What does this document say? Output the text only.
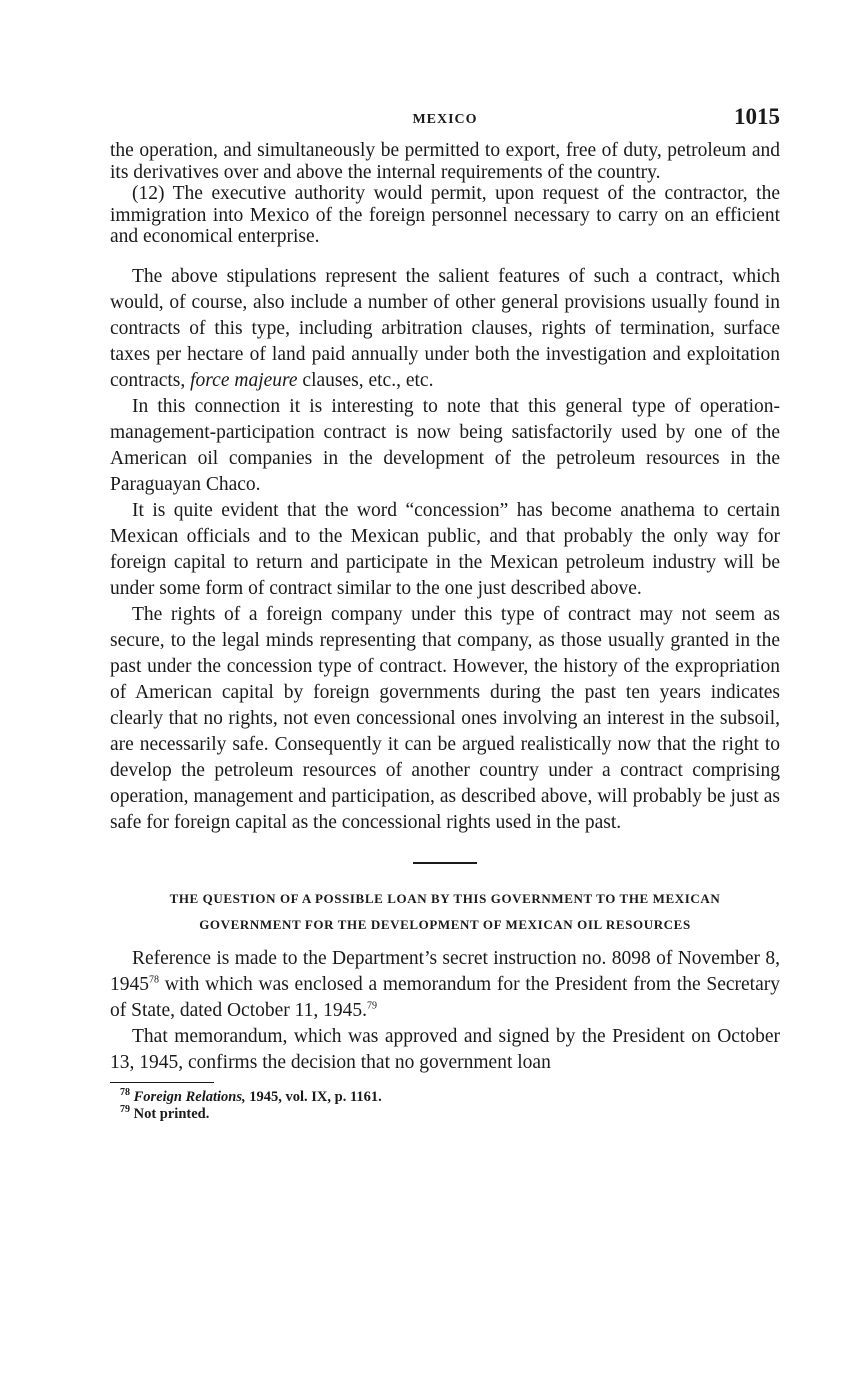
MEXICO	1015

the operation, and simultaneously be permitted to export, free of duty, petroleum and its derivatives over and above the internal requirements of the country.

(12) The executive authority would permit, upon request of the contractor, the immigration into Mexico of the foreign personnel necessary to carry on an efficient and economical enterprise.

The above stipulations represent the salient features of such a contract, which would, of course, also include a number of other general provisions usually found in contracts of this type, including arbitration clauses, rights of termination, surface taxes per hectare of land paid annually under both the investigation and exploitation contracts, force majeure clauses, etc., etc.

In this connection it is interesting to note that this general type of operation-management-participation contract is now being satisfactorily used by one of the American oil companies in the development of the petroleum resources in the Paraguayan Chaco.

It is quite evident that the word “concession” has become anathema to certain Mexican officials and to the Mexican public, and that probably the only way for foreign capital to return and participate in the Mexican petroleum industry will be under some form of contract similar to the one just described above.

The rights of a foreign company under this type of contract may not seem as secure, to the legal minds representing that company, as those usually granted in the past under the concession type of contract. However, the history of the expropriation of American capital by foreign governments during the past ten years indicates clearly that no rights, not even concessional ones involving an interest in the subsoil, are necessarily safe. Consequently it can be argued realistically now that the right to develop the petroleum resources of another country under a contract comprising operation, management and participation, as described above, will probably be just as safe for foreign capital as the concessional rights used in the past.

THE QUESTION OF A POSSIBLE LOAN BY THIS GOVERNMENT TO THE MEXICAN
GOVERNMENT FOR THE DEVELOPMENT OF MEXICAN OIL RESOURCES

Reference is made to the Department’s secret instruction no. 8098 of November 8, 1945$^{78}$ with which was enclosed a memorandum for the President from the Secretary of State, dated October 11, 1945.79

That memorandum, which was approved and signed by the President on October 13, 1945, confirms the decision that no government loan

$^{78}$ Foreign Relations, 1945, vol. IX, p. 1161.
$^{79}$ Not printed.
